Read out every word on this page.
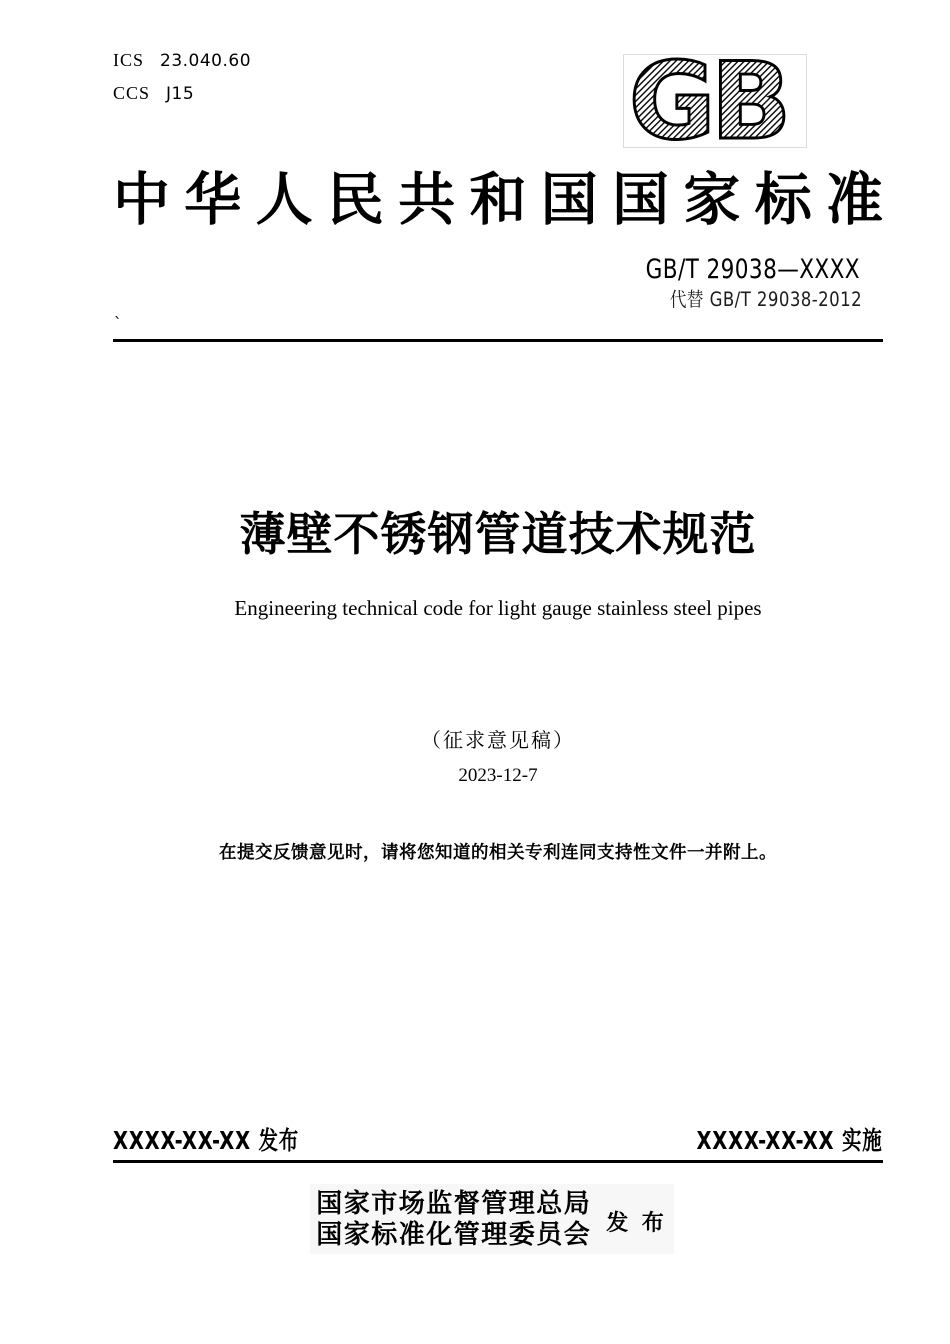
ICS 23.040.60
CCS J15	GB
中华人民共和国国家标准
GB/T 29038—XXXX
代替 GB/T 29038-2012
`
薄壁不锈钢管道技术规范
Engineering technical code for light gauge stainless steel pipes
（征求意见稿）
2023-12-7
在提交反馈意见时，请将您知道的相关专利连同支持性文件一并附上。
XXXX-XX-XX 发布	XXXX-XX-XX 实施
国家市场监督管理总局
国家标准化管理委员会 发 布
